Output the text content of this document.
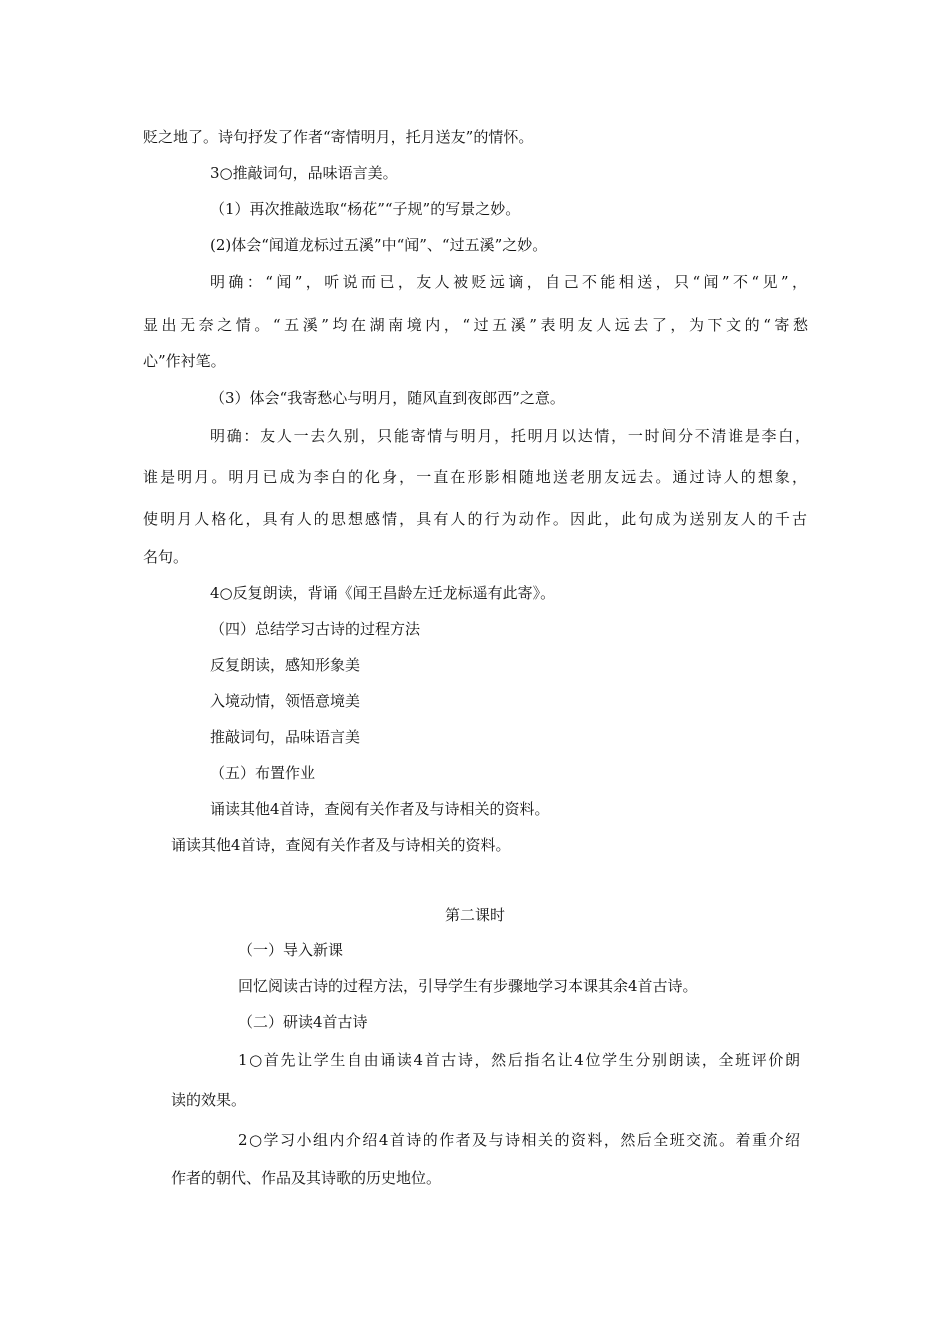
贬之地了。诗句抒发了作者“寄情明月，托月送友”的情怀。
3○推敲词句，品味语言美。
（1）再次推敲选取“杨花”“子规”的写景之妙。
(2)体会“闻道龙标过五溪”中“闻”、“过五溪”之妙。
明确：“闻”，听说而已，友人被贬远谪，自己不能相送，只“闻”不“见”，
显出无奈之情。“五溪”均在湖南境内，“过五溪”表明友人远去了，为下文的“寄愁
心”作衬笔。
（3）体会“我寄愁心与明月，随风直到夜郎西”之意。
明确：友人一去久别，只能寄情与明月，托明月以达情，一时间分不清谁是李白，
谁是明月。明月已成为李白的化身，一直在形影相随地送老朋友远去。通过诗人的想象，
使明月人格化，具有人的思想感情，具有人的行为动作。因此，此句成为送别友人的千古
名句。
4○反复朗读，背诵《闻王昌龄左迁龙标遥有此寄》。
（四）总结学习古诗的过程方法
反复朗读，感知形象美
入境动情，领悟意境美
推敲词句，品味语言美
（五）布置作业
诵读其他4首诗，查阅有关作者及与诗相关的资料。
诵读其他4首诗，查阅有关作者及与诗相关的资料。
第二课时
（一）导入新课
回忆阅读古诗的过程方法，引导学生有步骤地学习本课其余4首古诗。
（二）研读4首古诗
1○首先让学生自由诵读4首古诗，然后指名让4位学生分别朗读，全班评价朗
读的效果。
2○学习小组内介绍4首诗的作者及与诗相关的资料，然后全班交流。着重介绍
作者的朝代、作品及其诗歌的历史地位。
